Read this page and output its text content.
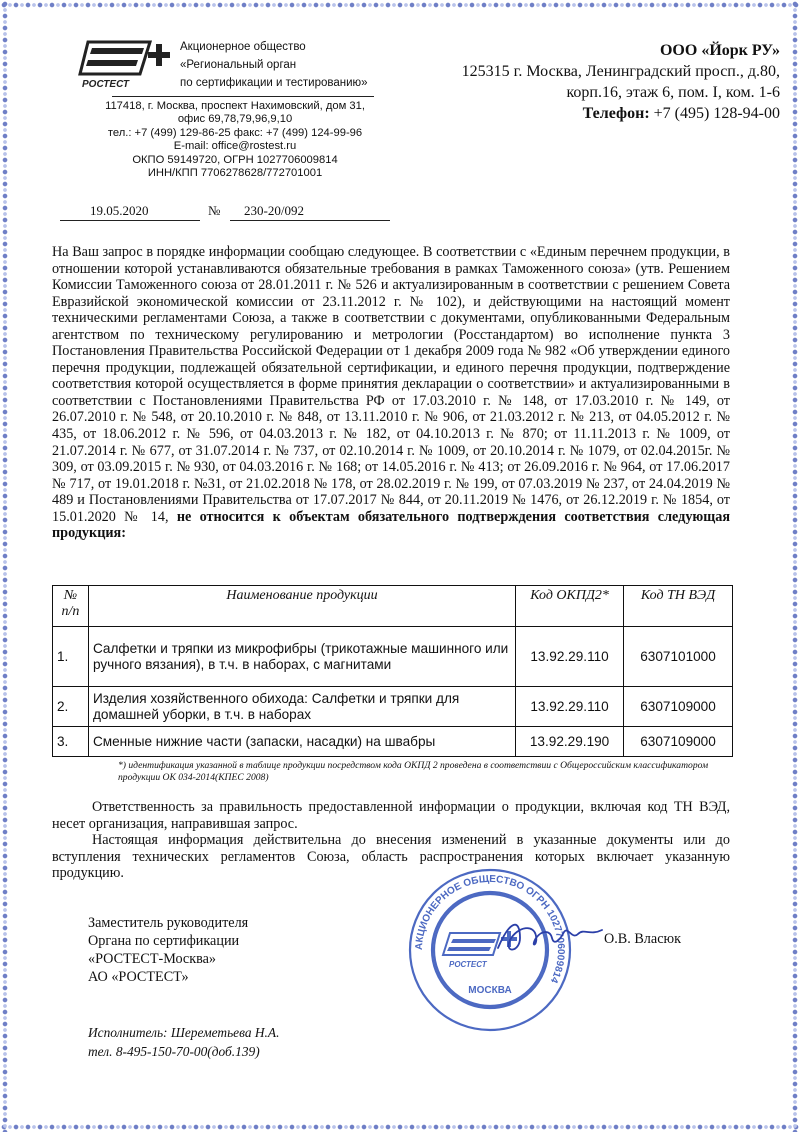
РОСТЕСТ
Акционерное общество
«Региональный орган
по сертификации и тестированию»
117418, г. Москва, проспект Нахимовский, дом 31,
офис 69,78,79,96,9,10
тел.: +7 (499) 129-86-25 факс: +7 (499) 124-99-96
E-mail: office@rostest.ru
ОКПО 59149720, ОГРН 1027706009814
ИНН/КПП 7706278628/772701001
ООО «Йорк РУ»
125315 г. Москва, Ленинградский просп., д.80,
корп.16, этаж 6, пом. I, ком. 1-6
Телефон: +7 (495) 128-94-00
19.05.2020	№ 230-20/092
На Ваш запрос в порядке информации сообщаю следующее. В соответствии с «Единым перечнем продукции, в отношении которой устанавливаются обязательные требования в рамках Таможенного союза» (утв. Решением Комиссии Таможенного союза от 28.01.2011 г. № 526 и актуализированным в соответствии с решением Совета Евразийской экономической комиссии от 23.11.2012 г. № 102), и действующими на настоящий момент техническими регламентами Союза, а также в соответствии с документами, опубликованными Федеральным агентством по техническому регулированию и метрологии (Росстандартом) во исполнение пункта 3 Постановления Правительства Российской Федерации от 1 декабря 2009 года № 982 «Об утверждении единого перечня продукции, подлежащей обязательной сертификации, и единого перечня продукции, подтверждение соответствия которой осуществляется в форме принятия декларации о соответствии» и актуализированными в соответствии с Постановлениями Правительства РФ от 17.03.2010 г. № 148, от 17.03.2010 г. № 149, от 26.07.2010 г. № 548, от 20.10.2010 г. № 848, от 13.11.2010 г. № 906, от 21.03.2012 г. № 213, от 04.05.2012 г. № 435, от 18.06.2012 г. № 596, от 04.03.2013 г. № 182, от 04.10.2013 г. № 870; от 11.11.2013 г. № 1009, от 21.07.2014 г. № 677, от 31.07.2014 г. № 737, от 02.10.2014 г. № 1009, от 20.10.2014 г. № 1079, от 02.04.2015г. № 309, от 03.09.2015 г. № 930, от 04.03.2016 г. № 168; от 14.05.2016 г. № 413; от 26.09.2016 г. № 964, от 17.06.2017 № 717, от 19.01.2018 г. №31, от 21.02.2018 № 178, от 28.02.2019 г. № 199, от 07.03.2019 № 237, от 24.04.2019 № 489 и Постановлениями Правительства от 17.07.2017 № 844, от 20.11.2019 № 1476, от 26.12.2019 г. № 1854, от 15.01.2020 № 14, не относится к объектам обязательного подтверждения соответствия следующая продукция:
№ п/п	Наименование продукции	Код ОКПД2*	Код ТН ВЭД
1.	Салфетки и тряпки из микрофибры (трикотажные машинного или ручного вязания), в т.ч. в наборах, с магнитами	13.92.29.110	6307101000
2.	Изделия хозяйственного обихода: Салфетки и тряпки для домашней уборки, в т.ч. в наборах	13.92.29.110	6307109000
3.	Сменные нижние части (запаски, насадки) на швабры	13.92.29.190	6307109000
*) идентификация указанной в таблице продукции посредством кода ОКПД 2 проведена в соответствии с Общероссийским классификатором продукции ОК 034-2014(КПЕС 2008)
Ответственность за правильность предоставленной информации о продукции, включая код ТН ВЭД, несет организация, направившая запрос.
Настоящая информация действительна до внесения изменений в указанные документы или до вступления технических регламентов Союза, область распространения которых включает указанную продукцию.
Заместитель руководителя
Органа по сертификации
«РОСТЕСТ-Москва»
АО «РОСТЕСТ»
АКЦИОНЕРНОЕ ОБЩЕСТВО ОГРН 1027706009814
РОСТЕСТ
МОСКВА
О.В. Власюк
Исполнитель: Шереметьева Н.А.
тел. 8-495-150-70-00(доб.139)
